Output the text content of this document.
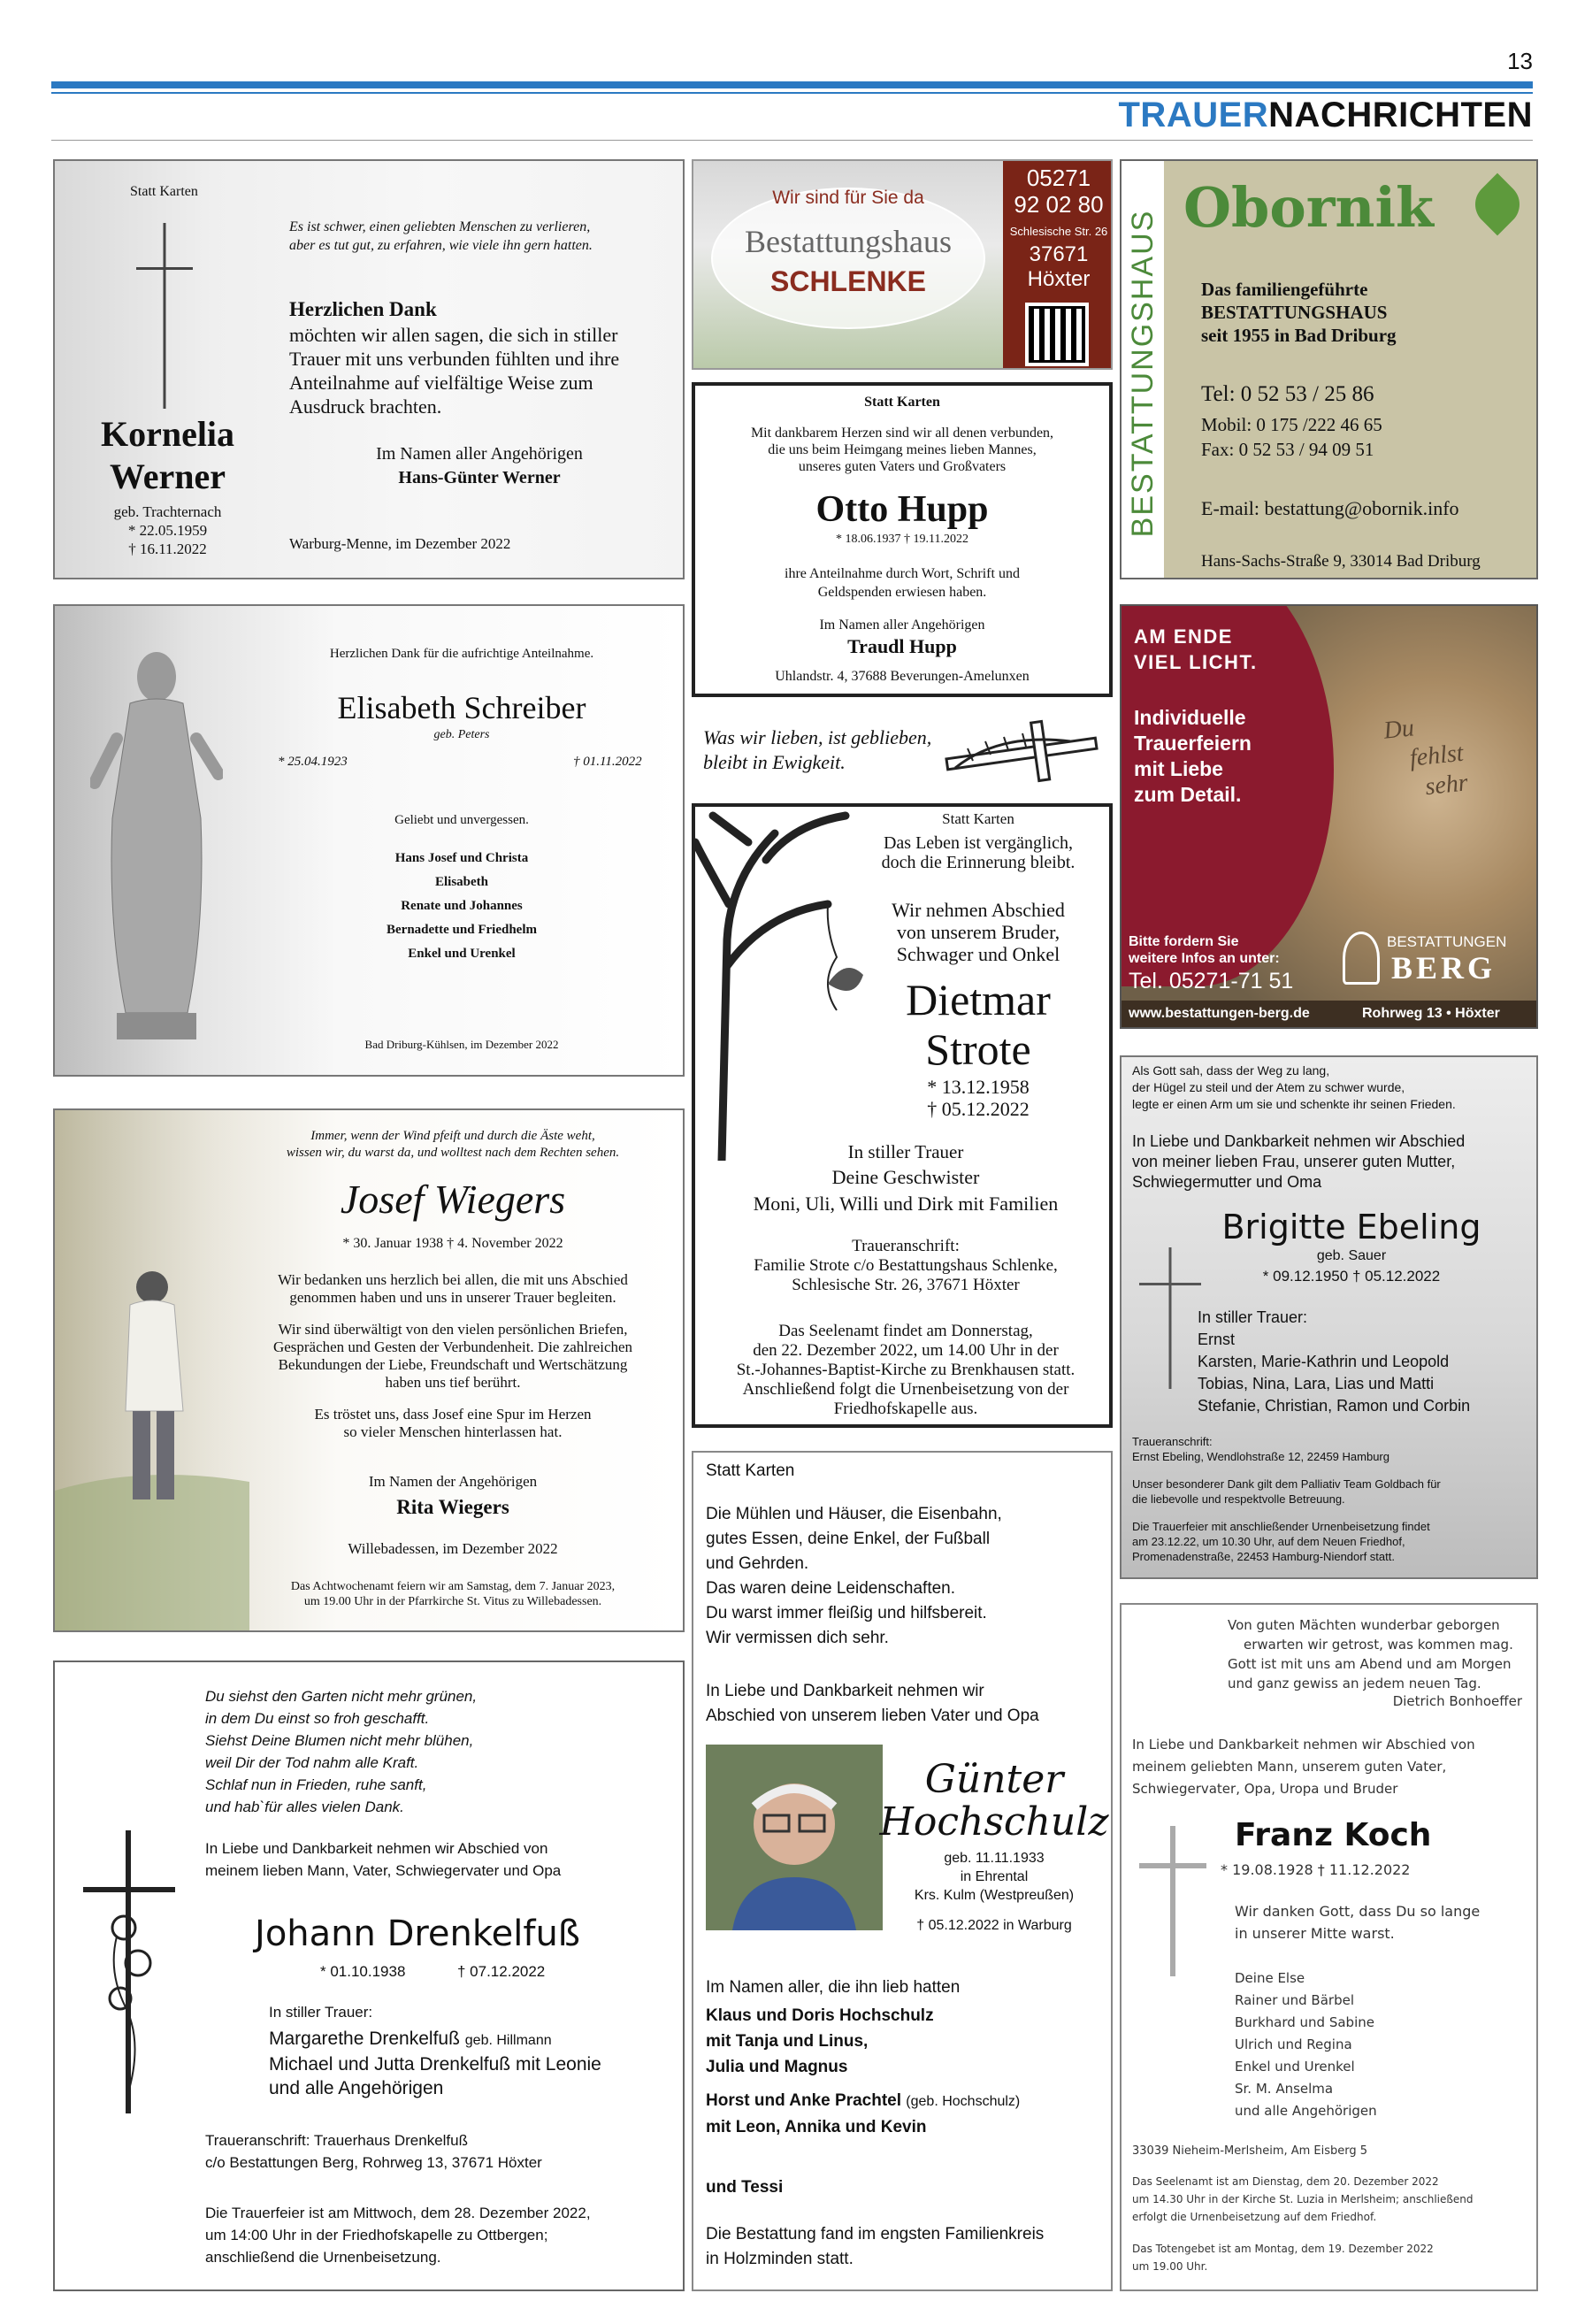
13
TRAUERNACHRICHTEN
Statt Karten
Kornelia
Werner
geb. Trachternach
* 22.05.1959
† 16.11.2022
Es ist schwer, einen geliebten Menschen zu verlieren,
aber es tut gut, zu erfahren, wie viele ihn gern hatten.
Herzlichen Dank
möchten wir allen sagen, die sich in stiller
Trauer mit uns verbunden fühlten und ihre
Anteilnahme auf vielfältige Weise zum
Ausdruck brachten.
Im Namen aller Angehörigen
Hans-Günter Werner
Warburg-Menne, im Dezember 2022
Wir sind für Sie da
Bestattungshaus
SCHLENKE
05271
92 02 80
Schlesische Str. 26
37671
Höxter	BESTATTUNGSHAUS
Obornik
Das familiengeführte
BESTATTUNGSHAUS
seit 1955 in Bad Driburg
Tel: 0 52 53 / 25 86
Mobil: 0 175 /222 46 65
Fax: 0 52 53 / 94 09 51
E-mail: bestattung@obornik.info
Hans-Sachs-Straße 9, 33014 Bad Driburg
Statt Karten
Mit dankbarem Herzen sind wir all denen verbunden,
die uns beim Heimgang meines lieben Mannes,
unseres guten Vaters und Großvaters
Otto Hupp
* 18.06.1937 † 19.11.2022
ihre Anteilnahme durch Wort, Schrift und
Geldspenden erwiesen haben.
Im Namen aller Angehörigen
Traudl Hupp
Uhlandstr. 4, 37688 Beverungen-Amelunxen
Was wir lieben, ist geblieben,
bleibt in Ewigkeit.
Herzlichen Dank für die aufrichtige Anteilnahme.
Elisabeth Schreiber
geb. Peters
* 25.04.1923	† 01.11.2022
Geliebt und unvergessen.
Hans Josef und Christa
Elisabeth
Renate und Johannes
Bernadette und Friedhelm
Enkel und Urenkel
Bad Driburg-Kühlsen, im Dezember 2022
AM ENDE
VIEL LICHT.
Individuelle
Trauerfeiern
mit Liebe
zum Detail.
Du
fehlst
sehr
Bitte fordern Sie
weitere Infos an unter:
Tel. 05271-71 51
BESTATTUNGEN
BERG
www.bestattungen-berg.de	Rohrweg 13 • Höxter
Statt Karten
Das Leben ist vergänglich,
doch die Erinnerung bleibt.
Wir nehmen Abschied
von unserem Bruder,
Schwager und Onkel
Dietmar
Strote
* 13.12.1958
† 05.12.2022
In stiller Trauer
Deine Geschwister
Moni, Uli, Willi und Dirk mit Familien
Traueranschrift:
Familie Strote c/o Bestattungshaus Schlenke,
Schlesische Str. 26, 37671 Höxter
Das Seelenamt findet am Donnerstag,
den 22. Dezember 2022, um 14.00 Uhr in der
St.-Johannes-Baptist-Kirche zu Brenkhausen statt.
Anschließend folgt die Urnenbeisetzung von der
Friedhofskapelle aus.
Als Gott sah, dass der Weg zu lang,
der Hügel zu steil und der Atem zu schwer wurde,
legte er einen Arm um sie und schenkte ihr seinen Frieden.
In Liebe und Dankbarkeit nehmen wir Abschied
von meiner lieben Frau, unserer guten Mutter,
Schwiegermutter und Oma
Brigitte Ebeling
geb. Sauer
* 09.12.1950 † 05.12.2022
In stiller Trauer:
Ernst
Karsten, Marie-Kathrin und Leopold
Tobias, Nina, Lara, Lias und Matti
Stefanie, Christian, Ramon und Corbin
Traueranschrift:
Ernst Ebeling, Wendlohstraße 12, 22459 Hamburg
Unser besonderer Dank gilt dem Palliativ Team Goldbach für
die liebevolle und respektvolle Betreuung.
Die Trauerfeier mit anschließender Urnenbeisetzung findet
am 23.12.22, um 10.30 Uhr, auf dem Neuen Friedhof,
Promenadenstraße, 22453 Hamburg-Niendorf statt.
Immer, wenn der Wind pfeift und durch die Äste weht,
wissen wir, du warst da, und wolltest nach dem Rechten sehen.
Josef Wiegers
* 30. Januar 1938 † 4. November 2022
Wir bedanken uns herzlich bei allen, die mit uns Abschied
genommen haben und uns in unserer Trauer begleiten.
Wir sind überwältigt von den vielen persönlichen Briefen,
Gesprächen und Gesten der Verbundenheit. Die zahlreichen
Bekundungen der Liebe, Freundschaft und Wertschätzung
haben uns tief berührt.
Es tröstet uns, dass Josef eine Spur im Herzen
so vieler Menschen hinterlassen hat.
Im Namen der Angehörigen
Rita Wiegers
Willebadessen, im Dezember 2022
Das Achtwochenamt feiern wir am Samstag, dem 7. Januar 2023,
um 19.00 Uhr in der Pfarrkirche St. Vitus zu Willebadessen.
Statt Karten
Die Mühlen und Häuser, die Eisenbahn,
gutes Essen, deine Enkel, der Fußball
und Gehrden.
Das waren deine Leidenschaften.
Du warst immer fleißig und hilfsbereit.
Wir vermissen dich sehr.
In Liebe und Dankbarkeit nehmen wir
Abschied von unserem lieben Vater und Opa
Günter
Hochschulz
geb. 11.11.1933
in Ehrental
Krs. Kulm (Westpreußen)
† 05.12.2022 in Warburg
Im Namen aller, die ihn lieb hatten
Klaus und Doris Hochschulz
mit Tanja und Linus,
Julia und Magnus
Horst und Anke Prachtel (geb. Hochschulz)
mit Leon, Annika und Kevin
und Tessi
Die Bestattung fand im engsten Familienkreis
in Holzminden statt.
Du siehst den Garten nicht mehr grünen,
in dem Du einst so froh geschafft.
Siehst Deine Blumen nicht mehr blühen,
weil Dir der Tod nahm alle Kraft.
Schlaf nun in Frieden, ruhe sanft,
und hab`für alles vielen Dank.
In Liebe und Dankbarkeit nehmen wir Abschied von
meinem lieben Mann, Vater, Schwiegervater und Opa
Johann Drenkelfuß
* 01.10.1938	† 07.12.2022
In stiller Trauer:
Margarethe Drenkelfuß geb. Hillmann
Michael und Jutta Drenkelfuß mit Leonie
und alle Angehörigen
Traueranschrift: Trauerhaus Drenkelfuß
c/o Bestattungen Berg, Rohrweg 13, 37671 Höxter
Die Trauerfeier ist am Mittwoch, dem 28. Dezember 2022,
um 14:00 Uhr in der Friedhofskapelle zu Ottbergen;
anschließend die Urnenbeisetzung.
Von guten Mächten wunderbar geborgen
erwarten wir getrost, was kommen mag.
Gott ist mit uns am Abend und am Morgen
und ganz gewiss an jedem neuen Tag.
Dietrich Bonhoeffer
In Liebe und Dankbarkeit nehmen wir Abschied von
meinem geliebten Mann, unserem guten Vater,
Schwiegervater, Opa, Uropa und Bruder
Franz Koch
* 19.08.1928 † 11.12.2022
Wir danken Gott, dass Du so lange
in unserer Mitte warst.
Deine Else
Rainer und Bärbel
Burkhard und Sabine
Ulrich und Regina
Enkel und Urenkel
Sr. M. Anselma
und alle Angehörigen
33039 Nieheim-Merlsheim, Am Eisberg 5
Das Seelenamt ist am Dienstag, dem 20. Dezember 2022
um 14.30 Uhr in der Kirche St. Luzia in Merlsheim; anschließend
erfolgt die Urnenbeisetzung auf dem Friedhof.
Das Totengebet ist am Montag, dem 19. Dezember 2022
um 19.00 Uhr.
